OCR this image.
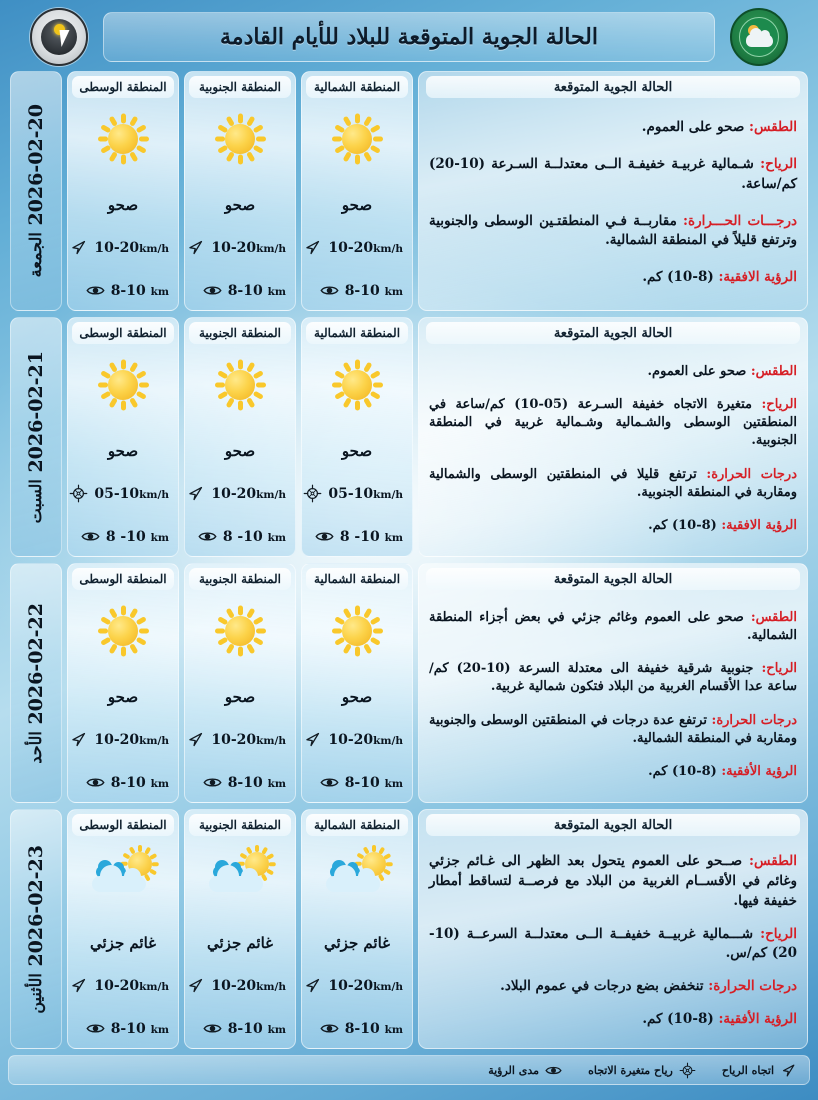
الحالة الجوية المتوقعة للبلاد للأيام القادمة
الحالة الجوية المتوقعة
الطقس: صحو على العموم.
الرياح: شـمالية غربيـة خفيفـة الــى معتدلــة السـرعة (10-20) كم/ساعة.
درجـــات الحـــرارة: مقاربــة فـي المنطقتـين الوسطى والجنوبية وترتفع قليلاً في المنطقة الشمالية.
الرؤية الافقية: (8-10) كم.
المنطقة الشمالية
صحو
10-20km/h
8-10 km
المنطقة الجنوبية
صحو
10-20km/h
8-10 km
المنطقة الوسطى
صحو
10-20km/h
8-10 km
2026-02-20 الجمعة
الحالة الجوية المتوقعة
الطقس: صحو على العموم.
الرياح: متغيرة الاتجاه خفيفة السـرعة (05-10) كم/ساعة في المنطقتين الوسطى والشـمالية وشـمالية غربية في المنطقة الجنوبية.
درجات الحرارة: ترتفع قليلا في المنطقتين الوسطى والشمالية ومقاربة في المنطقة الجنوبية.
الرؤية الافقية: (8-10) كم.
المنطقة الشمالية
صحو
05-10km/h
8 -10 km
المنطقة الجنوبية
صحو
10-20km/h
8 -10 km
المنطقة الوسطى
صحو
05-10km/h
8 -10 km
2026-02-21 السبت
الحالة الجوية المتوقعة
الطقس: صحو على العموم وغائم جزئي في بعض أجزاء المنطقة الشمالية.
الرياح: جنوبية شرقية خفيفة الى معتدلة السرعة (10-20) كم/ساعة عدا الأقسام الغربية من البلاد فتكون شمالية غربية.
درجات الحرارة: ترتفع عدة درجات في المنطقتين الوسطى والجنوبية ومقاربة في المنطقة الشمالية.
الرؤية الأفقية: (8-10) كم.
المنطقة الشمالية
صحو
10-20km/h
8-10 km
المنطقة الجنوبية
صحو
10-20km/h
8-10 km
المنطقة الوسطى
صحو
10-20km/h
8-10 km
2026-02-22 الأحد
الحالة الجوية المتوقعة
الطقس: صــحو على العموم يتحول بعد الظهر الى غـائم جزئي وغائم في الأقســام الغربية من البلاد مع فرصــة لتساقط أمطار خفيفة فيها.
الرياح: شـــمالية غربيــة خفيفــة الــى معتدلــة السرعــة (10-20) كم/س.
درجات الحرارة: تنخفض بضع درجات في عموم البلاد.
الرؤية الأفقية: (8-10) كم.
المنطقة الشمالية
غائم جزئي
10-20km/h
8-10 km
المنطقة الجنوبية
غائم جزئي
10-20km/h
8-10 km
المنطقة الوسطى
غائم جزئي
10-20km/h
8-10 km
2026-02-23 الأثنين
اتجاه الرياح
رياح متغيرة الاتجاه
مدى الرؤية
